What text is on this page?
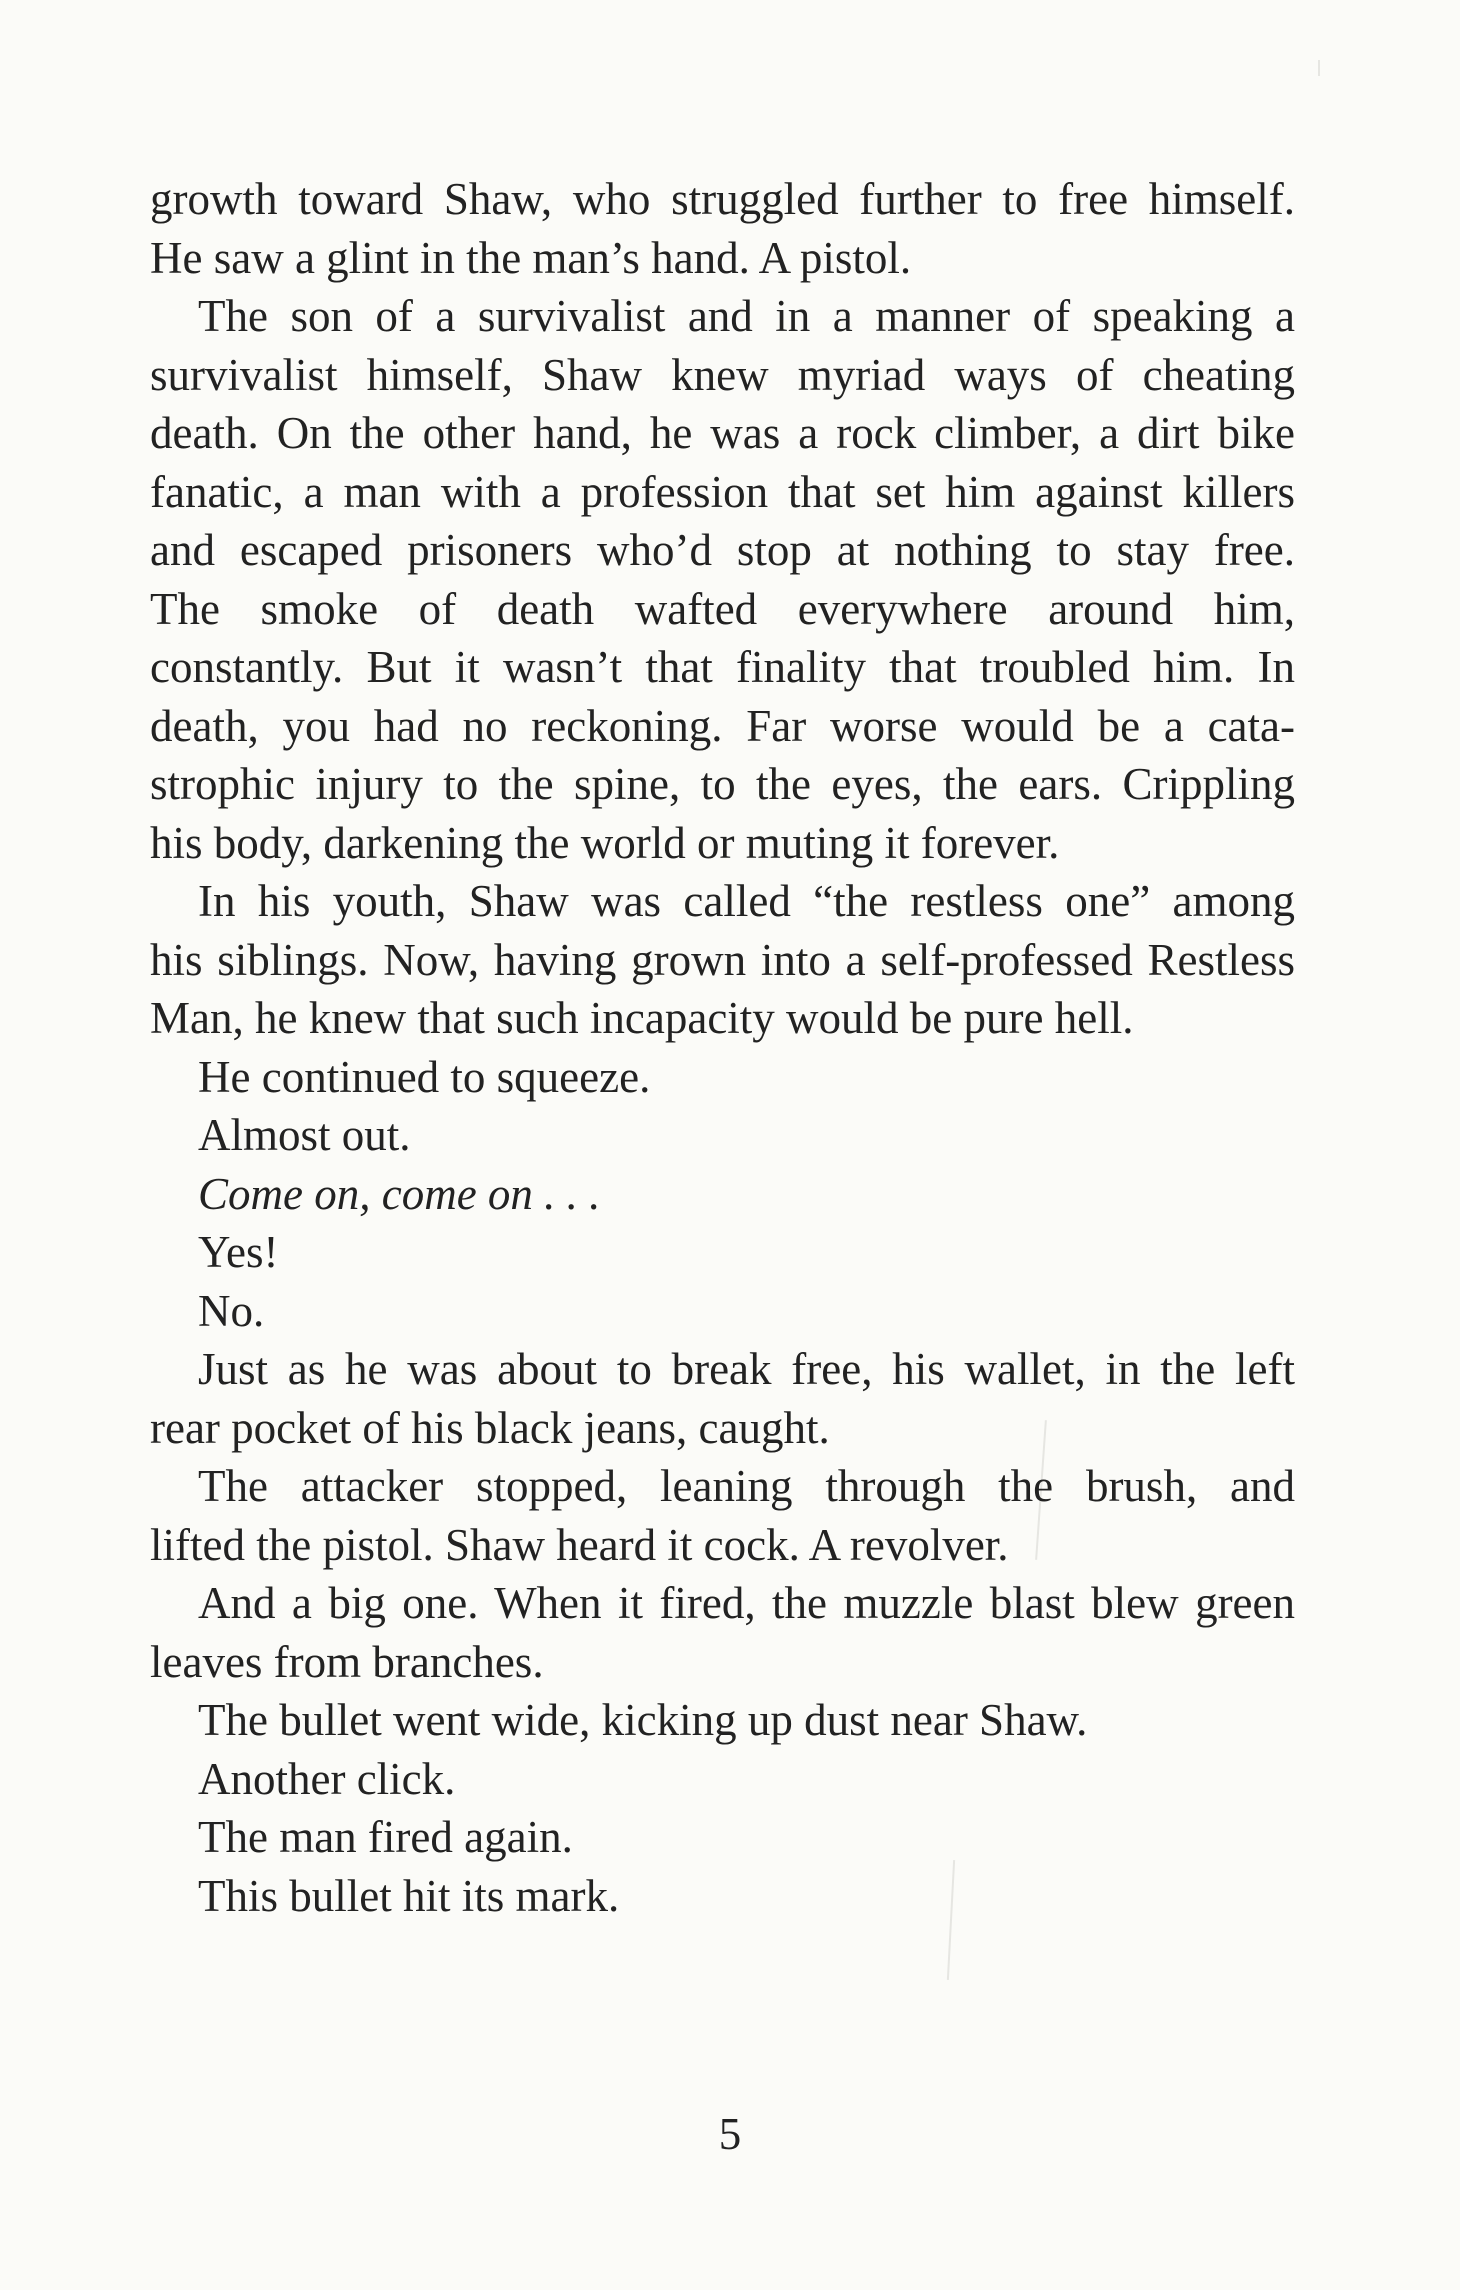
growth toward Shaw, who struggled further to free himself.
He saw a glint in the man’s hand. A pistol.
The son of a survivalist and in a manner of speaking a
survivalist himself, Shaw knew myriad ways of cheating
death. On the other hand, he was a rock climber, a dirt bike
fanatic, a man with a profession that set him against killers
and escaped prisoners who’d stop at nothing to stay free.
The smoke of death wafted everywhere around him,
constantly. But it wasn’t that finality that troubled him. In
death, you had no reckoning. Far worse would be a cata-
strophic injury to the spine, to the eyes, the ears. Crippling
his body, darkening the world or muting it forever.
In his youth, Shaw was called “the restless one” among
his siblings. Now, having grown into a self-professed Restless
Man, he knew that such incapacity would be pure hell.
He continued to squeeze.
Almost out.
Come on, come on . . .
Yes!
No.
Just as he was about to break free, his wallet, in the left
rear pocket of his black jeans, caught.
The attacker stopped, leaning through the brush, and
lifted the pistol. Shaw heard it cock. A revolver.
And a big one. When it fired, the muzzle blast blew green
leaves from branches.
The bullet went wide, kicking up dust near Shaw.
Another click.
The man fired again.
This bullet hit its mark.
5
